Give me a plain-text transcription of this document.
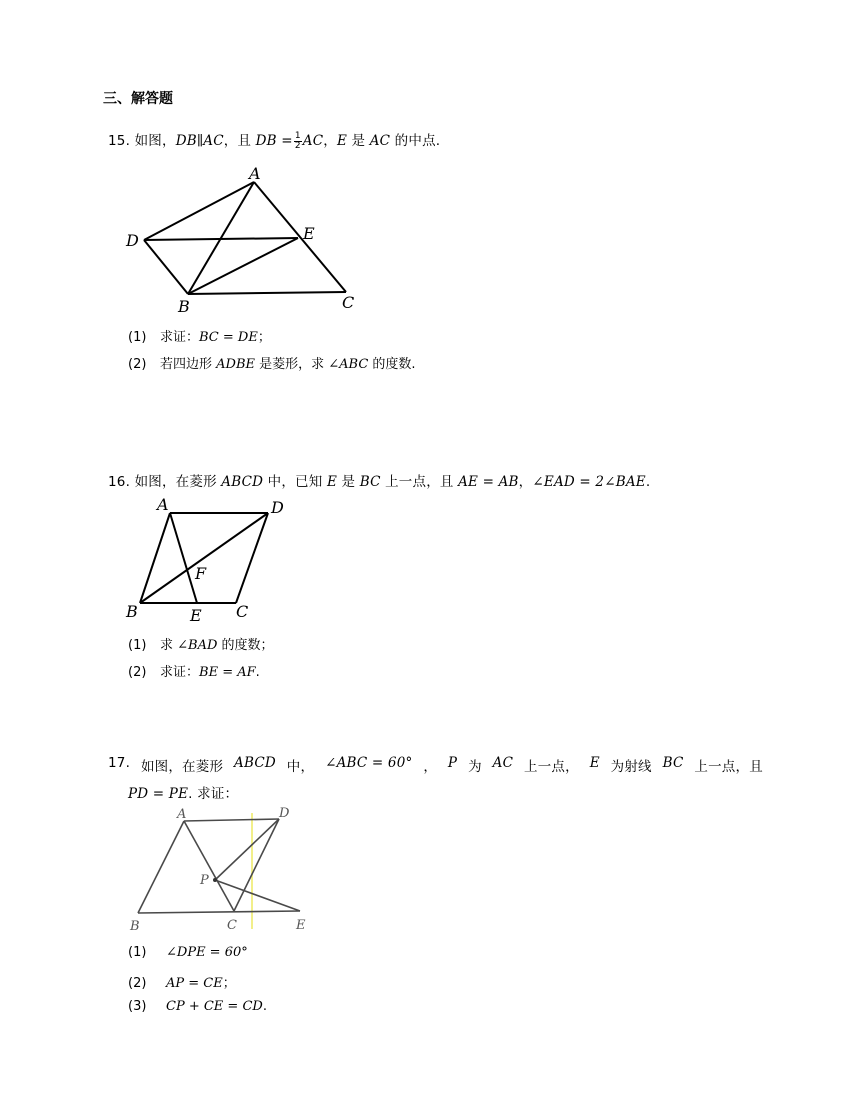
三、解答题
15. 如图，DB∥AC，且 DB = $\frac{1}{2}$ AC，E 是 AC 的中点.
A
D	E
B	C
(1) 求证：BC = DE；
(2) 若四边形 ADBE 是菱形，求 ∠ABC 的度数.
16. 如图，在菱形 ABCD 中，已知 E 是 BC 上一点，且 AE = AB，∠EAD = 2∠BAE.
A	D
F
B	E C
(1) 求 ∠BAD 的度数；
(2) 求证：BE = AF.
17. 如图，在菱形 ABCD 中， ∠ABC = 60° ， P 为 AC 上一点， E 为射线 BC 上一点，且
PD = PE. 求证：
A	D
P
B	C	E
(1) ∠DPE = 60°
(2) AP = CE；
(3) CP + CE = CD.
